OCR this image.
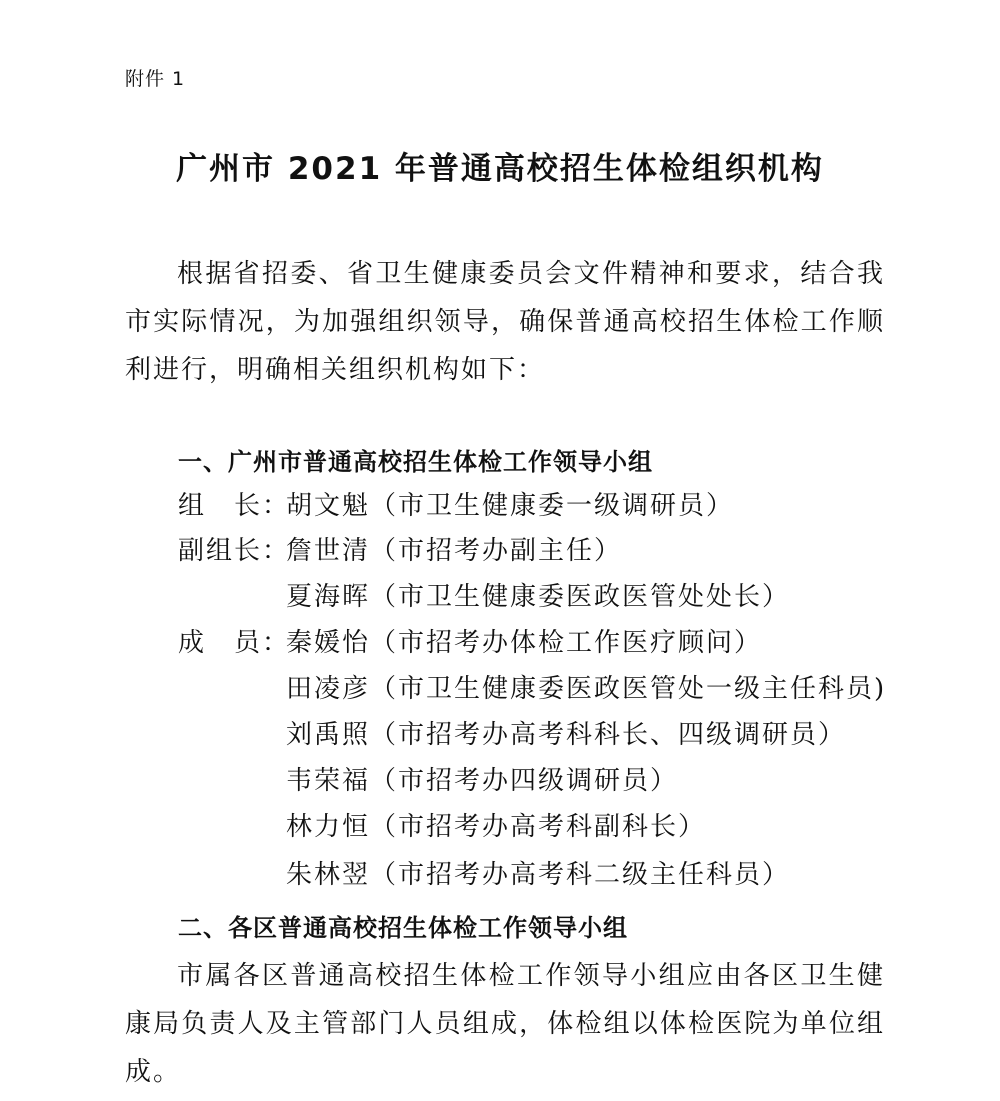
附件 1
广州市 2021 年普通高校招生体检组织机构

根据省招委、省卫生健康委员会文件精神和要求，结合我市实际情况，为加强组织领导，确保普通高校招生体检工作顺利进行，明确相关组织机构如下：

一、广州市普通高校招生体检工作领导小组
组　长：胡文魁（市卫生健康委一级调研员）
副组长：詹世清（市招考办副主任）
夏海晖（市卫生健康委医政医管处处长）
成　员：秦媛怡（市招考办体检工作医疗顾问）
田凌彦（市卫生健康委医政医管处一级主任科员)
刘禹照（市招考办高考科科长、四级调研员）
韦荣福（市招考办四级调研员）
林力恒（市招考办高考科副科长）
朱林翌（市招考办高考科二级主任科员）
二、各区普通高校招生体检工作领导小组

市属各区普通高校招生体检工作领导小组应由各区卫生健康局负责人及主管部门人员组成，体检组以体检医院为单位组成。
